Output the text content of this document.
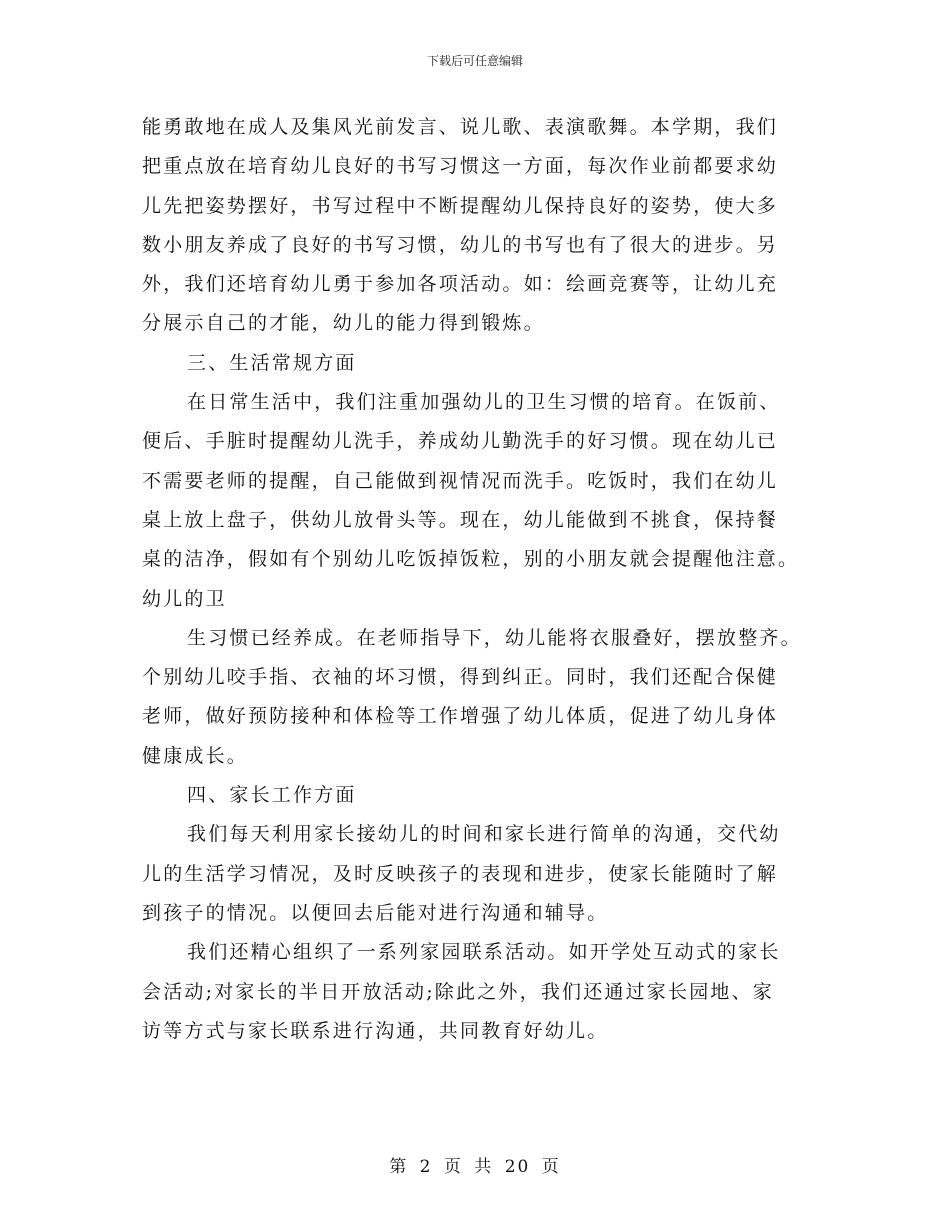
下载后可任意编辑
能勇敢地在成人及集风光前发言、说儿歌、表演歌舞。本学期，我们
把重点放在培育幼儿良好的书写习惯这一方面，每次作业前都要求幼
儿先把姿势摆好，书写过程中不断提醒幼儿保持良好的姿势，使大多
数小朋友养成了良好的书写习惯，幼儿的书写也有了很大的进步。另
外，我们还培育幼儿勇于参加各项活动。如：绘画竞赛等，让幼儿充
分展示自己的才能，幼儿的能力得到锻炼。
三、生活常规方面
在日常生活中，我们注重加强幼儿的卫生习惯的培育。在饭前、
便后、手脏时提醒幼儿洗手，养成幼儿勤洗手的好习惯。现在幼儿已
不需要老师的提醒，自己能做到视情况而洗手。吃饭时，我们在幼儿
桌上放上盘子，供幼儿放骨头等。现在，幼儿能做到不挑食，保持餐
桌的洁净，假如有个别幼儿吃饭掉饭粒，别的小朋友就会提醒他注意。
幼儿的卫
生习惯已经养成。在老师指导下，幼儿能将衣服叠好，摆放整齐。
个别幼儿咬手指、衣袖的坏习惯，得到纠正。同时，我们还配合保健
老师，做好预防接种和体检等工作增强了幼儿体质，促进了幼儿身体
健康成长。
四、家长工作方面
我们每天利用家长接幼儿的时间和家长进行简单的沟通，交代幼
儿的生活学习情况，及时反映孩子的表现和进步，使家长能随时了解
到孩子的情况。以便回去后能对进行沟通和辅导。
我们还精心组织了一系列家园联系活动。如开学处互动式的家长
会活动;对家长的半日开放活动;除此之外，我们还通过家长园地、家
访等方式与家长联系进行沟通，共同教育好幼儿。
第 2 页 共 20 页
